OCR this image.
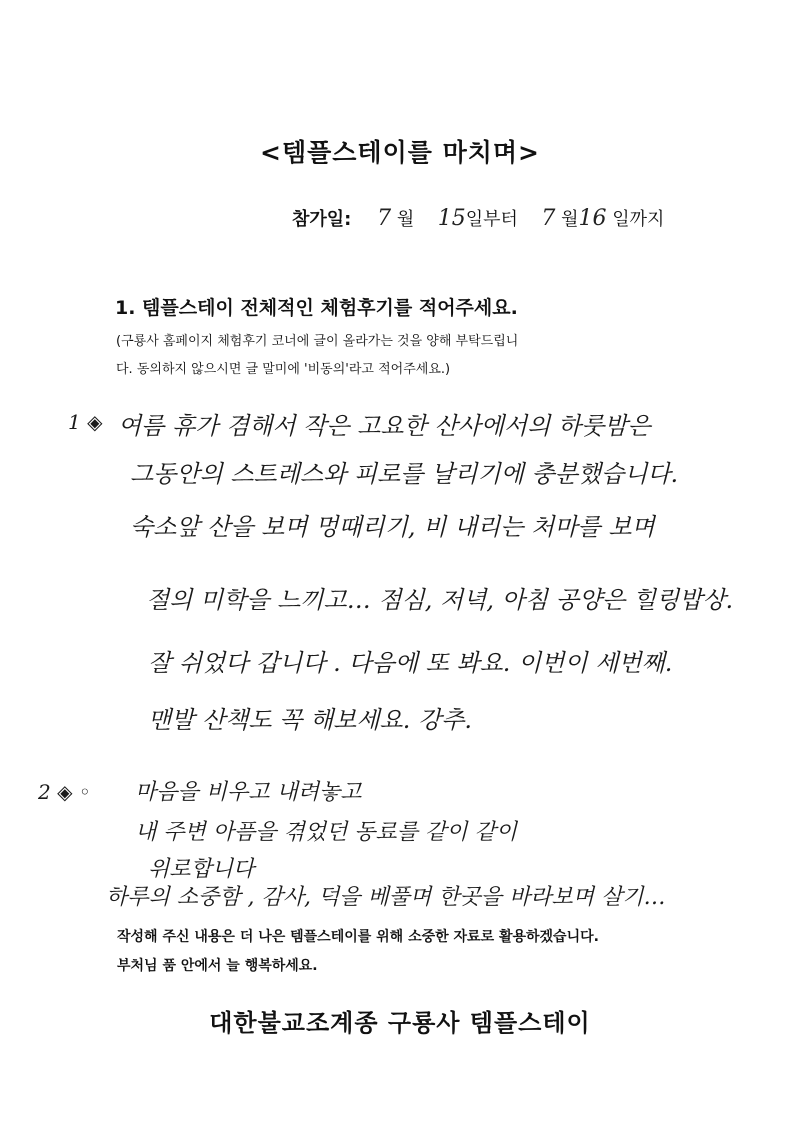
<템플스테이를 마치며>
참가일: 7 월 15일부터 7 월16 일까지
1. 템플스테이 전체적인 체험후기를 적어주세요.
(구룡사 홈페이지 체험후기 코너에 글이 올라가는 것을 양해 부탁드립니
다. 동의하지 않으시면 글 말미에 '비동의'라고 적어주세요.)
1 ◈ 여름 휴가 겸해서 작은 고요한 산사에서의 하룻밤은
그동안의 스트레스와 피로를 날리기에 충분했습니다.
숙소앞 산을 보며 멍때리기, 비 내리는 처마를 보며
절의 미학을 느끼고… 점심, 저녁, 아침 공양은 힐링밥상.
잘 쉬었다 갑니다 . 다음에 또 봐요. 이번이 세번째.
맨발 산책도 꼭 해보세요. 강추.
2 ◈ ◦ 마음을 비우고 내려놓고
내 주변 아픔을 겪었던 동료를 같이 같이
위로합니다
하루의 소중함 , 감사, 덕을 베풀며 한곳을 바라보며 살기…
작성해 주신 내용은 더 나은 템플스테이를 위해 소중한 자료로 활용하겠습니다.
부처님 품 안에서 늘 행복하세요.
대한불교조계종 구룡사 템플스테이
